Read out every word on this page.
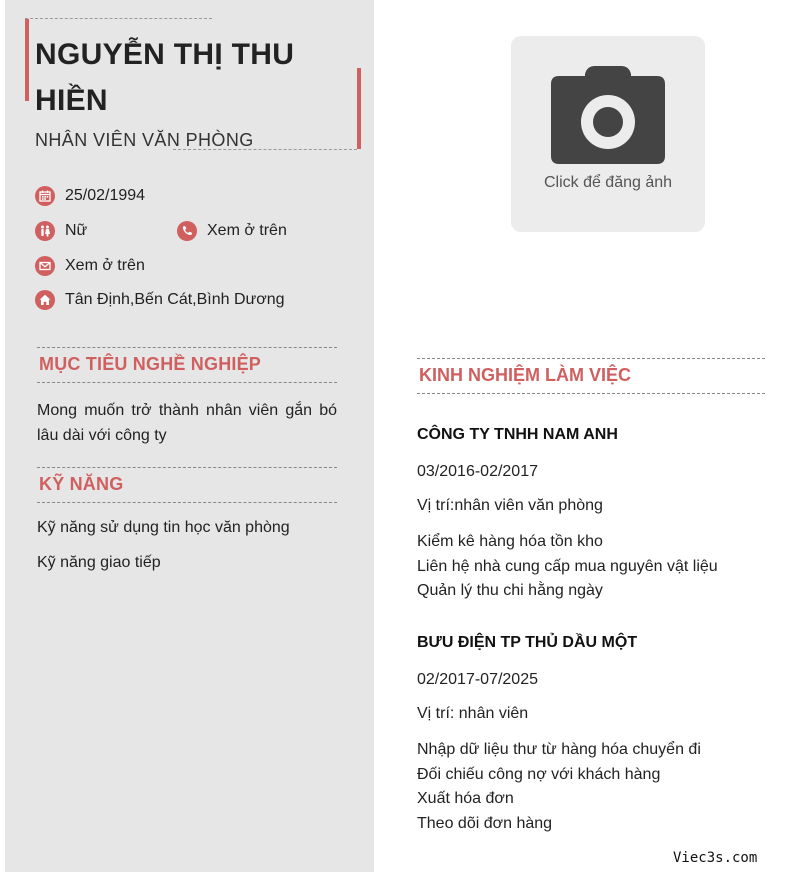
NGUYỄN THỊ THU HIỀN
NHÂN VIÊN VĂN PHÒNG
25/02/1994
Nữ	Xem ở trên
Xem ở trên
Tân Định,Bến Cát,Bình Dương
MỤC TIÊU NGHỀ NGHIỆP
Mong muốn trở thành nhân viên gắn bó lâu dài với công ty
KỸ NĂNG
Kỹ năng sử dụng tin học văn phòng
Kỹ năng giao tiếp
Click để đăng ảnh
KINH NGHIỆM LÀM VIỆC
CÔNG TY TNHH NAM ANH
03/2016-02/2017
Vị trí:nhân viên văn phòng
Kiểm kê hàng hóa tồn kho
Liên hệ nhà cung cấp mua nguyên vật liệu
Quản lý thu chi hằng ngày
BƯU ĐIỆN TP THỦ DẦU MỘT
02/2017-07/2025
Vị trí: nhân viên
Nhập dữ liệu thư từ hàng hóa chuyển đi
Đối chiếu công nợ với khách hàng
Xuất hóa đơn
Theo dõi đơn hàng
Viec3s.com
